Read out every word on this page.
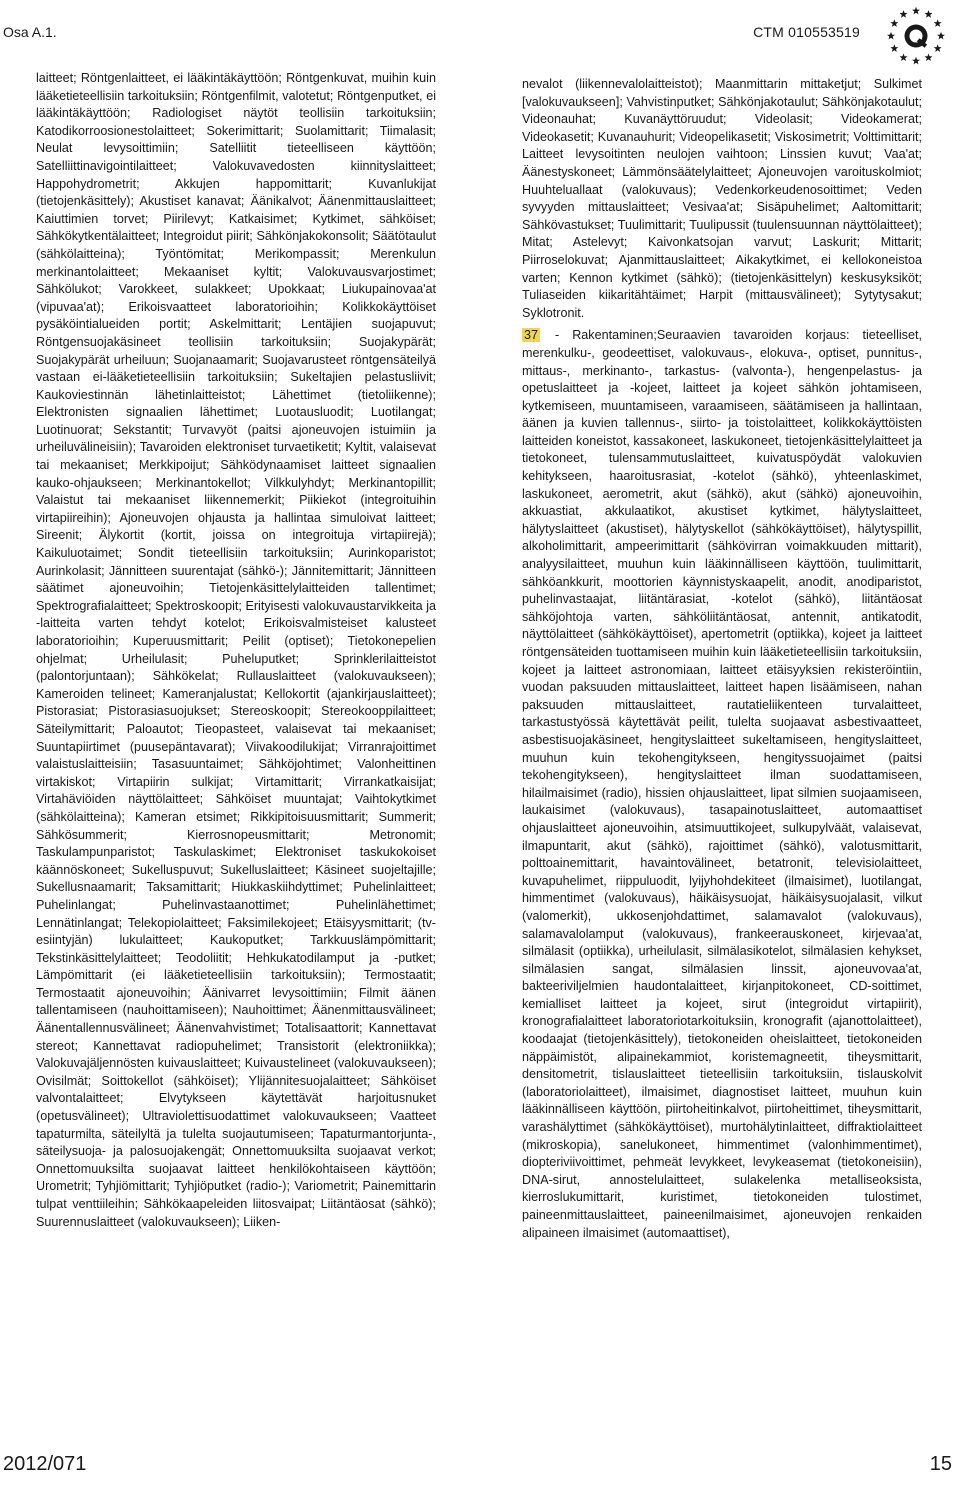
Osa A.1.	CTM 010553519

laitteet; Röntgenlaitteet, ei lääkintäkäyttöön; Röntgenkuvat, muihin kuin lääketieteellisiin tarkoituksiin; Röntgenfilmit, valotetut; Röntgenputket, ei lääkintäkäyttöön; Radiologiset näytöt teollisiin tarkoituksiin; Katodikorroosionestolaitteet; Sokerimittarit; Suolamittarit; Tiimalasit; Neulat levysoittimiin; Satelliitit tieteelliseen käyttöön; Satelliittinavigointilaitteet; Valokuvavedosten kiinnityslaitteet; Happohydrometrit; Akkujen happomittarit; Kuvanlukijat (tietojenkäsittely); Akustiset kanavat; Äänikalvot; Äänenmittauslaitteet; Kaiuttimien torvet; Piirilevyt; Katkaisimet; Kytkimet, sähköiset; Sähkökytkentälaitteet; Integroidut piirit; Sähkönjakokonsolit; Säätötaulut (sähkölaitteina); Työntömitat; Merikompassit; Merenkulun merkinantolaitteet; Mekaaniset kyltit; Valokuvausvarjostimet; Sähkölukot; Varokkeet, sulakkeet; Upokkaat; Liukupainovaa'at (vipuvaa'at); Erikoisvaatteet laboratorioihin; Kolikkokäyttöiset pysäköintialueiden portit; Askelmittarit; Lentäjien suojapuvut; Röntgensuojakäsineet teollisiin tarkoituksiin; Suojakypärät; Suojakypärät urheiluun; Suojanaamarit; Suojavarusteet röntgensäteilyä vastaan ei-lääketieteellisiin tarkoituksiin; Sukeltajien pelastusliivit; Kaukoviestinnän lähetinlaitteistot; Lähettimet (tietoliikenne); Elektronisten signaalien lähettimet; Luotausluodit; Luotilangat; Luotinuorat; Sekstantit; Turvavyöt (paitsi ajoneuvojen istuimiin ja urheiluvälineisiin); Tavaroiden elektroniset turvaetiketit; Kyltit, valaisevat tai mekaaniset; Merkkipoijut; Sähködynaamiset laitteet signaalien kauko-ohjaukseen; Merkinantokellot; Vilkkulyhdyt; Merkinantopillit; Valaistut tai mekaaniset liikennemerkit; Piikiekot (integroituihin virtapiireihin); Ajoneuvojen ohjausta ja hallintaa simuloivat laitteet; Sireenit; Älykortit (kortit, joissa on integroituja virtapiirejä); Kaikuluotaimet; Sondit tieteellisiin tarkoituksiin; Aurinkoparistot; Aurinkolasit; Jännitteen suurentajat (sähkö-); Jännitemittarit; Jännitteen säätimet ajoneuvoihin; Tietojenkäsittelylaitteiden tallentimet; Spektrografialaitteet; Spektroskoopit; Erityisesti valokuvaustarvikkeita ja -laitteita varten tehdyt kotelot; Erikoisvalmisteiset kalusteet laboratorioihin; Kuperuusmittarit; Peilit (optiset); Tietokonepelien ohjelmat; Urheilulasit; Puheluputket; Sprinklerilaitteistot (palontorjuntaan); Sähkökelat; Rullauslaitteet (valokuvaukseen); Kameroiden telineet; Kameranjalustat; Kellokortit (ajankirjauslaitteet); Pistorasiat; Pistorasiasuojukset; Stereoskoopit; Stereokooppilaitteet; Säteilymittarit; Paloautot; Tieopasteet, valaisevat tai mekaaniset; Suuntapiirtimet (puusepäntavarat); Viivakoodilukijat; Virranrajoittimet valaistuslaitteisiin; Tasasuuntaimet; Sähköjohtimet; Valonheittinen virtakiskot; Virtapiirin sulkijat; Virtamittarit; Virrankatkaisijat; Virtahäviöiden näyttölaitteet; Sähköiset muuntajat; Vaihtokytkimet (sähkölaitteina); Kameran etsimet; Rikkipitoisuusmittarit; Summerit; Sähkösummerit; Kierrosnopeusmittarit; Metronomit; Taskulampunparistot; Taskulaskimet; Elektroniset taskukokoiset käännöskoneet; Sukelluspuvut; Sukelluslaitteet; Käsineet suojeltajille; Sukellusnaamarit; Taksamittarit; Hiukkaskiihdyttimet; Puhelinlaitteet; Puhelinlangat; Puhelinvastaanottimet; Puhelinlähettimet; Lennätinlangat; Telekopiolaitteet; Faksimilekojeet; Etäisyysmittarit; (tv-esiintyjän) lukulaitteet; Kaukoputket; Tarkkuuslämpömittarit; Tekstinkäsittelylaitteet; Teodoliitit; Hehkukatodilamput ja -putket; Lämpömittarit (ei lääketieteellisiin tarkoituksiin); Termostaatit; Termostaatit ajoneuvoihin; Äänivarret levysoittimiin; Filmit äänen tallentamiseen (nauhoittamiseen); Nauhoittimet; Äänenmittausvälineet; Äänentallennusvälineet; Äänenvahvistimet; Totalisaattorit; Kannettavat stereot; Kannettavat radiopuhelimet; Transistorit (elektroniikka); Valokuvajäljennösten kuivauslaitteet; Kuivaustelineet (valokuvaukseen); Ovisilmät; Soittokellot (sähköiset); Ylijännitesuojalaitteet; Sähköiset valvontalaitteet; Elvytykseen käytettävät harjoitusnuket (opetusvälineet); Ultraviolettisuodattimet valokuvaukseen; Vaatteet tapaturmilta, säteilyltä ja tulelta suojautumiseen; Tapaturmantorjunta-, säteilysuoja- ja palosuojakengät; Onnettomuuksilta suojaavat verkot; Onnettomuuksilta suojaavat laitteet henkilökohtaiseen käyttöön; Urometrit; Tyhjiömittarit; Tyhjiöputket (radio-); Variometrit; Painemittarin tulpat venttiileihin; Sähkökaapeleiden liitosvaipat; Liitäntäosat (sähkö); Suurennuslaitteet (valokuvaukseen); Liiken-

nevalot (liikennevalolaitteistot); Maanmittarin mittaketjut; Sulkimet [valokuvaukseen]; Vahvistinputket; Sähkönjakotaulut; Sähkönjakotaulut; Videonauhat; Kuvanäyttöruudut; Videolasit; Videokamerat; Videokasetit; Kuvanauhurit; Videopelikasetit; Viskosimetrit; Volttimittarit; Laitteet levysoitinten neulojen vaihtoon; Linssien kuvut; Vaa'at; Äänestyskoneet; Lämmönsäätelylaitteet; Ajoneuvojen varoituskolmiot; Huuhteluallaat (valokuvaus); Vedenkorkeudenosoittimet; Veden syvyyden mittauslaitteet; Vesivaa'at; Sisäpuhelimet; Aaltomittarit; Sähkövastukset; Tuulimittarit; Tuulipussit (tuulensuunnan näyttölaitteet); Mitat; Astelevyt; Kaivonkatsojan varvut; Laskurit; Mittarit; Piirroselokuvat; Ajanmittauslaitteet; Aikakytkimet, ei kellokoneistoa varten; Kennon kytkimet (sähkö); (tietojenkäsittelyn) keskusyksiköt; Tuliaseiden kiikaritähtäimet; Harpit (mittausvälineet); Sytytysakut; Syklotronit.

37 - Rakentaminen;Seuraavien tavaroiden korjaus: tieteelliset, merenkulku-, geodeettiset, valokuvaus-, elokuva-, optiset, punnitus-, mittaus-, merkinanto-, tarkastus- (valvonta-), hengenpelastus- ja opetuslaitteet ja -kojeet, laitteet ja kojeet sähkön johtamiseen, kytkemiseen, muuntamiseen, varaamiseen, säätämiseen ja hallintaan, äänen ja kuvien tallennus-, siirto- ja toistolaitteet, kolikkokäyttöisten laitteiden koneistot, kassakoneet, laskukoneet, tietojenkäsittelylaitteet ja tietokoneet, tulensammutuslaitteet, kuivatuspöydät valokuvien kehitykseen, haaroitusrasiat, -kotelot (sähkö), yhteenlaskimet, laskukoneet, aerometrit, akut (sähkö), akut (sähkö) ajoneuvoihin, akkuastiat, akkulaatikot, akustiset kytkimet, hälytyslaitteet, hälytyslaitteet (akustiset), hälytyskellot (sähkökäyttöiset), hälytyspillit, alkoholimittarit, ampeerimittarit (sähkövirran voimakkuuden mittarit), analyysilaitteet, muuhun kuin lääkinnälliseen käyttöön, tuulimittarit, sähköankkurit, moottorien käynnistyskaapelit, anodit, anodiparistot, puhelinvastaajat, liitäntärasiat, -kotelot (sähkö), liitäntäosat sähköjohtoja varten, sähköliitäntäosat, antennit, antikatodit, näyttölaitteet (sähkökäyttöiset), apertometrit (optiikka), kojeet ja laitteet röntgensäteiden tuottamiseen muihin kuin lääketieteellisiin tarkoituksiin, kojeet ja laitteet astronomiaan, laitteet etäisyyksien rekisteröintiin, vuodan paksuuden mittauslaitteet, laitteet hapen lisäämiseen, nahan paksuuden mittauslaitteet, rautatieliikenteen turvalaitteet, tarkastustyössä käytettävät peilit, tulelta suojaavat asbestivaatteet, asbestisuojakäsineet, hengityslaitteet sukeltamiseen, hengityslaitteet, muuhun kuin tekohengitykseen, hengityssuojaimet (paitsi tekohengitykseen), hengityslaitteet ilman suodattamiseen, hilailmaisimet (radio), hissien ohjauslaitteet, lipat silmien suojaamiseen, laukaisimet (valokuvaus), tasapainotuslaitteet, automaattiset ohjauslaitteet ajoneuvoihin, atsimuuttikojeet, sulkupylväät, valaisevat, ilmapuntarit, akut (sähkö), rajoittimet (sähkö), valotusmittarit, polttoainemittarit, havaintovälineet, betatronit, televisiolaitteet, kuvapuhelimet, riippuluodit, lyijyhohdekiteet (ilmaisimet), luotilangat, himmentimet (valokuvaus), häikäisysuojat, häikäisysuojalasit, vilkut (valomerkit), ukkosenjohdattimet, salamavalot (valokuvaus), salamavalolamput (valokuvaus), frankeerauskoneet, kirjevaa'at, silmälasit (optiikka), urheilulasit, silmälasikotelot, silmälasien kehykset, silmälasien sangat, silmälasien linssit, ajoneuvovaa'at, bakteeriviljelmien haudontalaitteet, kirjanpitokoneet, CD-soittimet, kemialliset laitteet ja kojeet, sirut (integroidut virtapiirit), kronografialaitteet laboratoriotarkoituksiin, kronografit (ajanottolaitteet), koodaajat (tietojenkäsittely), tietokoneiden oheislaitteet, tietokoneiden näppäimistöt, alipainekammiot, koristemagneetit, tiheysmittarit, densitometrit, tislauslaitteet tieteellisiin tarkoituksiin, tislauskolvit (laboratoriolaitteet), ilmaisimet, diagnostiset laitteet, muuhun kuin lääkinnälliseen käyttöön, piirtoheitinkalvot, piirtoheittimet, tiheysmittarit, varashälyttimet (sähkökäyttöiset), murtohälytinlaitteet, diffraktiolaitteet (mikroskopia), sanelukoneet, himmentimet (valonhimmentimet), diopteriviivoittimet, pehmeät levykkeet, levykeasemat (tietokoneisiin), DNA-sirut, annostelulaitteet, sulakelenka metalliseoksista, kierroslukumittarit, kuristimet, tietokoneiden tulostimet, paineenmittauslaitteet, paineenilmaisimet, ajoneuvojen renkaiden alipaineen ilmaisimet (automaattiset),

2012/071	15
